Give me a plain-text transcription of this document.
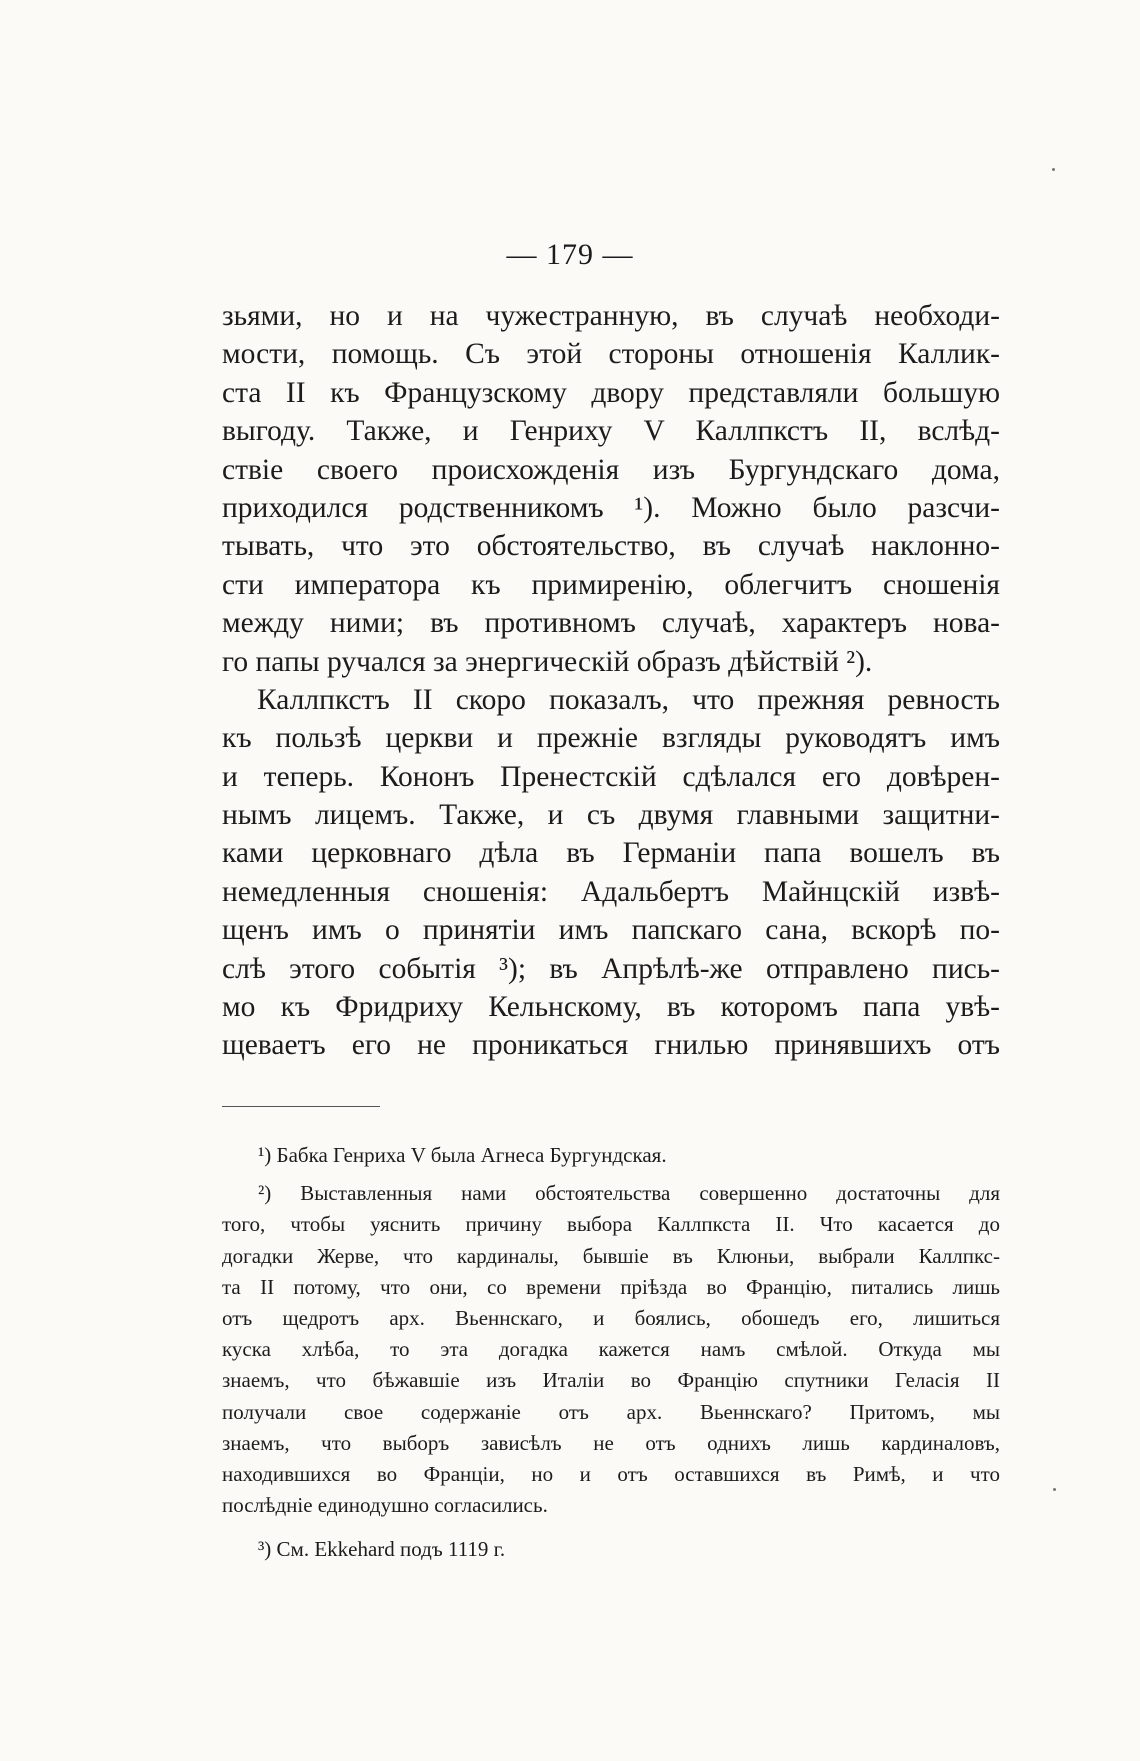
— 179 —
зьями, но и на чужестранную, въ случаѣ необходи-
мости, помощь. Съ этой стороны отношенія Каллик-
ста II къ Французскому двору представляли большую
выгоду. Также, и Генриху V Каллпкстъ II, вслѣд-
ствіе своего происхожденія изъ Бургундскаго дома,
приходился родственникомъ ¹). Можно было разсчи-
тывать, что это обстоятельство, въ случаѣ наклонно-
сти императора къ примиренію, облегчитъ сношенія
между ними; въ противномъ случаѣ, характеръ нова-
го папы ручался за энергическій образъ дѣйствій ²).
Каллпкстъ II скоро показалъ, что прежняя ревность
къ пользѣ церкви и прежніе взгляды руководятъ имъ
и теперь. Кононъ Пренестскій сдѣлался его довѣрен-
нымъ лицемъ. Также, и съ двумя главными защитни-
ками церковнаго дѣла въ Германіи папа вошелъ въ
немедленныя сношенія: Адальбертъ Майнцскій извѣ-
щенъ имъ о принятіи имъ папскаго сана, вскорѣ по-
слѣ этого событія ³); въ Апрѣлѣ-же отправлено пись-
мо къ Фридриху Кельнскому, въ которомъ папа увѣ-
щеваетъ его не проникаться гнилью принявшихъ отъ
¹) Бабка Генриха V была Агнеса Бургундская.
²) Выставленныя нами обстоятельства совершенно достаточны для
того, чтобы уяснить причину выбора Каллпкста II. Что касается до
догадки Жерве, что кардиналы, бывшіе въ Клюньи, выбрали Каллпкс-
та II потому, что они, со времени пріѣзда во Францію, питались лишь
отъ щедротъ арх. Вьеннскаго, и боялись, обошедъ его, лишиться
куска хлѣба, то эта догадка кажется намъ смѣлой. Откуда мы
знаемъ, что бѣжавшіе изъ Италіи во Францію спутники Геласія II
получали свое содержаніе отъ арх. Вьеннскаго? Притомъ, мы
знаемъ, что выборъ зависѣлъ не отъ однихъ лишь кардиналовъ,
находившихся во Франціи, но и отъ оставшихся въ Римѣ, и что
послѣдніе единодушно согласились.
³) См. Ekkehard подъ 1119 г.
